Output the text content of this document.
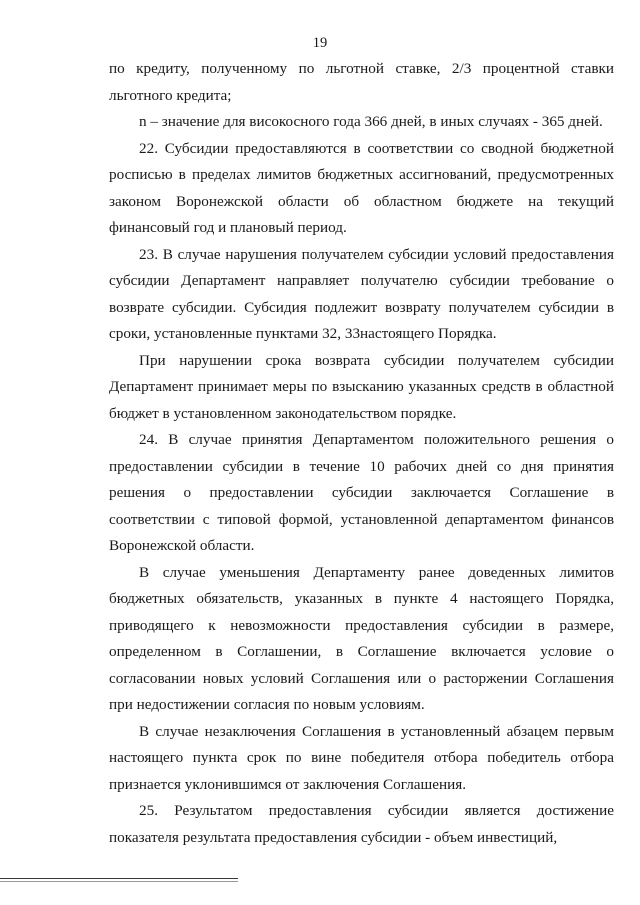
19

по кредиту, полученному по льготной ставке, 2/3 процентной ставки льготного кредита;

n – значение для високосного года 366 дней, в иных случаях - 365 дней.

22. Субсидии предоставляются в соответствии со сводной бюджетной росписью в пределах лимитов бюджетных ассигнований, предусмотренных законом Воронежской области об областном бюджете на текущий финансовый год и плановый период.

23. В случае нарушения получателем субсидии условий предоставления субсидии Департамент направляет получателю субсидии требование о возврате субсидии. Субсидия подлежит возврату получателем субсидии в сроки, установленные пунктами 32, 33настоящего Порядка.

При нарушении срока возврата субсидии получателем субсидии Департамент принимает меры по взысканию указанных средств в областной бюджет в установленном законодательством порядке.

24. В случае принятия Департаментом положительного решения о предоставлении субсидии в течение 10 рабочих дней со дня принятия решения о предоставлении субсидии заключается Соглашение в соответствии с типовой формой, установленной департаментом финансов Воронежской области.

В случае уменьшения Департаменту ранее доведенных лимитов бюджетных обязательств, указанных в пункте 4 настоящего Порядка, приводящего к невозможности предоставления субсидии в размере, определенном в Соглашении, в Соглашение включается условие о согласовании новых условий Соглашения или о расторжении Соглашения при недостижении согласия по новым условиям.

В случае незаключения Соглашения в установленный абзацем первым настоящего пункта срок по вине победителя отбора победитель отбора признается уклонившимся от заключения Соглашения.

25. Результатом предоставления субсидии является достижение показателя результата предоставления субсидии - объем инвестиций,
